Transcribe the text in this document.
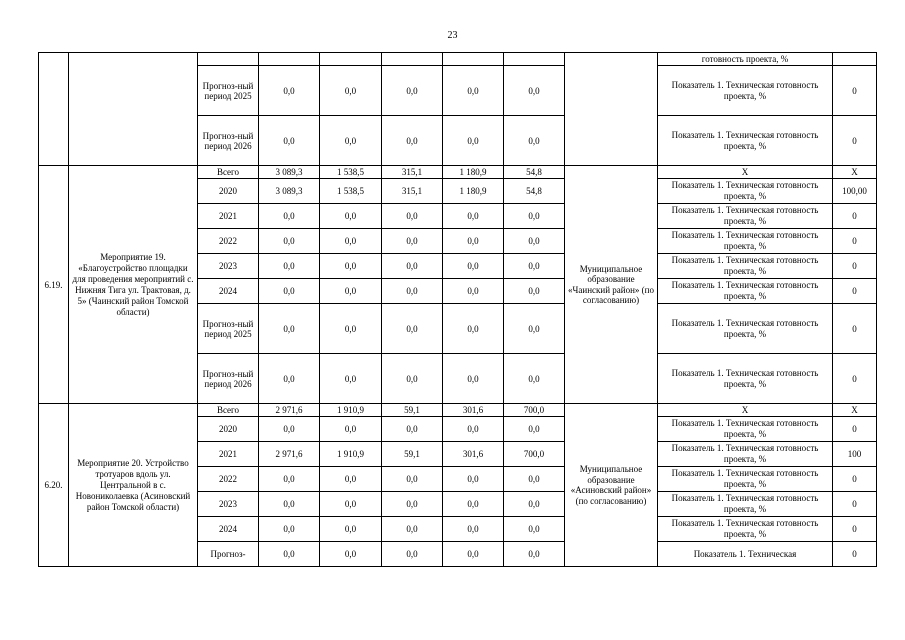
23
									готовность проекта, %	
		Прогноз-ный период 2025	0,0	0,0	0,0	0,0	0,0		Показатель 1. Техническая готовность проекта, %	0
		Прогноз-ный период 2026	0,0	0,0	0,0	0,0	0,0		Показатель 1. Техническая готовность проекта, %	0
6.19.	Мероприятие 19. «Благоустройство площадки для проведения мероприятий с. Нижняя Тига ул. Трактовая, д. 5» (Чаинский район Томской области)	Всего	3 089,3	1 538,5	315,1	1 180,9	54,8	Муниципальное образование «Чаинский район» (по согласованию)	Х	Х
		2020	3 089,3	1 538,5	315,1	1 180,9	54,8		Показатель 1. Техническая готовность проекта, %	100,00
		2021	0,0	0,0	0,0	0,0	0,0		Показатель 1. Техническая готовность проекта, %	0
		2022	0,0	0,0	0,0	0,0	0,0		Показатель 1. Техническая готовность проекта, %	0
		2023	0,0	0,0	0,0	0,0	0,0		Показатель 1. Техническая готовность проекта, %	0
		2024	0,0	0,0	0,0	0,0	0,0		Показатель 1. Техническая готовность проекта, %	0
		Прогноз-ный период 2025	0,0	0,0	0,0	0,0	0,0		Показатель 1. Техническая готовность проекта, %	0
		Прогноз-ный период 2026	0,0	0,0	0,0	0,0	0,0		Показатель 1. Техническая готовность проекта, %	0
6.20.	Мероприятие 20. Устройство тротуаров вдоль ул. Центральной в с. Новониколаевка (Асиновский район Томской области)	Всего	2 971,6	1 910,9	59,1	301,6	700,0	Муниципальное образование «Асиновский район» (по согласованию)	Х	Х
		2020	0,0	0,0	0,0	0,0	0,0		Показатель 1. Техническая готовность проекта, %	0
		2021	2 971,6	1 910,9	59,1	301,6	700,0		Показатель 1. Техническая готовность проекта, %	100
		2022	0,0	0,0	0,0	0,0	0,0		Показатель 1. Техническая готовность проекта, %	0
		2023	0,0	0,0	0,0	0,0	0,0		Показатель 1. Техническая готовность проекта, %	0
		2024	0,0	0,0	0,0	0,0	0,0		Показатель 1. Техническая готовность проекта, %	0
		Прогноз-	0,0	0,0	0,0	0,0	0,0		Показатель 1. Техническая	0
